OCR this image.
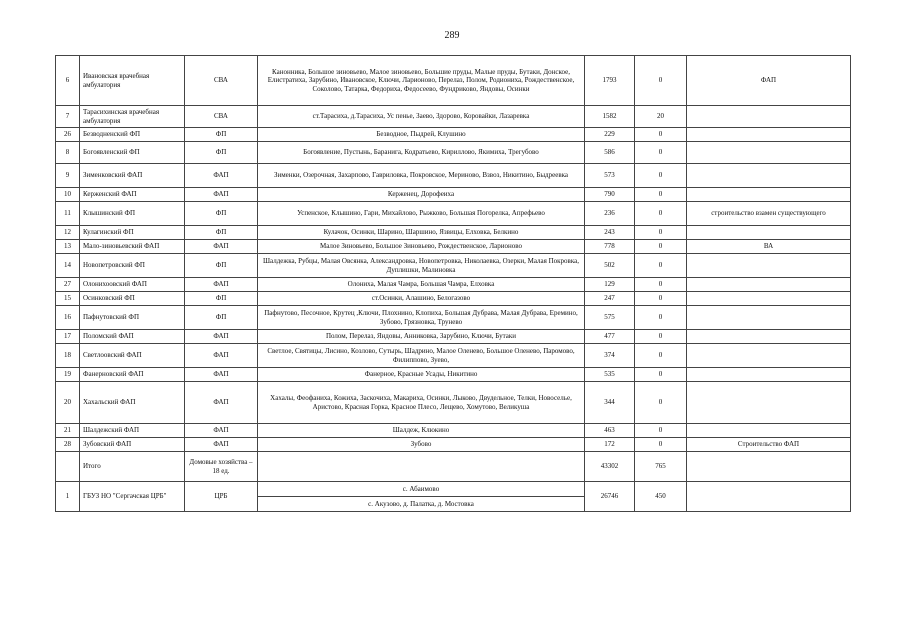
289
6	Ивановская врачебная амбулатория	СВА	Канонника, Большое зиновьево, Малое зиновьево, Большие пруды, Малые пруды, Бутаки, Донское, Елистратиха, Зарубино, Ивановское, Ключи, Ларионово, Перелаз, Полом, Родиониха, Рождественское, Соколово, Татарка, Федориха, Федосеево, Фундриково, Яндовы, Осинки	1793	0	ФАП
7	Тарасихинская врачебная амбулатория	СВА	ст.Тарасиха, д.Тарасиха, Ус пенье, Заево, Здорово, Коровайки, Лазаревка	1582	20	
26	Безводненский ФП	ФП	Безводное, Пыдрей, Клушино	229	0	
8	Богоявленский ФП	ФП	Богоявление, Пустынь, Баранига, Кодратьево, Кириллово, Якимиха, Трегубово	586	0	
9	Зименковский ФАП	ФАП	Зименки, Озерочная, Захарпово, Гавриловка, Покровское, Мериново, Взвоз, Никитино, Быдреевка	573	0	
10	Керженский ФАП	ФАП	Керженец, Дорофеиха	790	0	
11	Клышинский ФП	ФП	Успенское, Клышино, Гари, Михайлово, Рыжково, Большая Погорелка, Апрефьево	236	0	строительство взамен существующего
12	Кулагинский ФП	ФП	Кулачок, Осинки, Шарино, Шаршино, Язвицы, Елховка, Белкино	243	0	
13	Мало-зиновьевский ФАП	ФАП	Малое Зиновьево, Большое Зиновьево, Рождественское, Ларионово	778	0	ВА
14	Новопетровский ФП	ФП	Шалдежка, Рубцы, Малая Овсянка, Александровка, Новопетровка, Николаевка, Озерки, Малая Покровка, Дуплишки, Малиновка	502	0	
27	Олонихоовский ФАП	ФАП	Олониха, Малая Чамра, Большая Чамра, Елховка	129	0	
15	Осинковский ФП	ФП	ст.Осинки, Алашино, Белогазово	247	0	
16	Пафнутовский ФП	ФП	Пафнутово, Песочное, Крутец ,Ключи, Плохнино, Клопиха, Большая Дубрава, Малая Дубрава, Еремино, Зубово, Грязновка, Трунево	575	0	
17	Поломский ФАП	ФАП	Полом, Перелаз, Яндовы, Анниковка, Зарубино, Ключи, Бутаки	477	0	
18	Светлоовский ФАП	ФАП	Светлое, Святицы, Лисино, Козлово, Сутырь, Шадрино, Малое Оленево, Большое Оленево, Паромово, Филиппово, Зуево,	374	0	
19	Фанерновский ФАП	ФАП	Фанерное, Красные Усады, Никитино	535	0	
20	Хахальский ФАП	ФАП	Хахалы, Феофаниха, Кожиха, Заскочиха, Макариха, Осинки, Лыково, Двудельное, Телки, Новоселье, Аристово, Красная Горка, Красное Плесо, Лещево, Хомутово, Великуша	344	0	
21	Шалдежский ФАП	ФАП	Шалдеж, Клюкино	463	0	
28	Зубовский ФАП	ФАП	Зубово	172	0	Строительство ФАП
	Итого	Домовые хозяйства – 18 ед.		43302	765	
1	ГБУЗ НО "Сергачская ЦРБ"	ЦРБ	с. Абаимово	26746	450	
			с. Акузово, д. Палатка, д. Мостовка			
